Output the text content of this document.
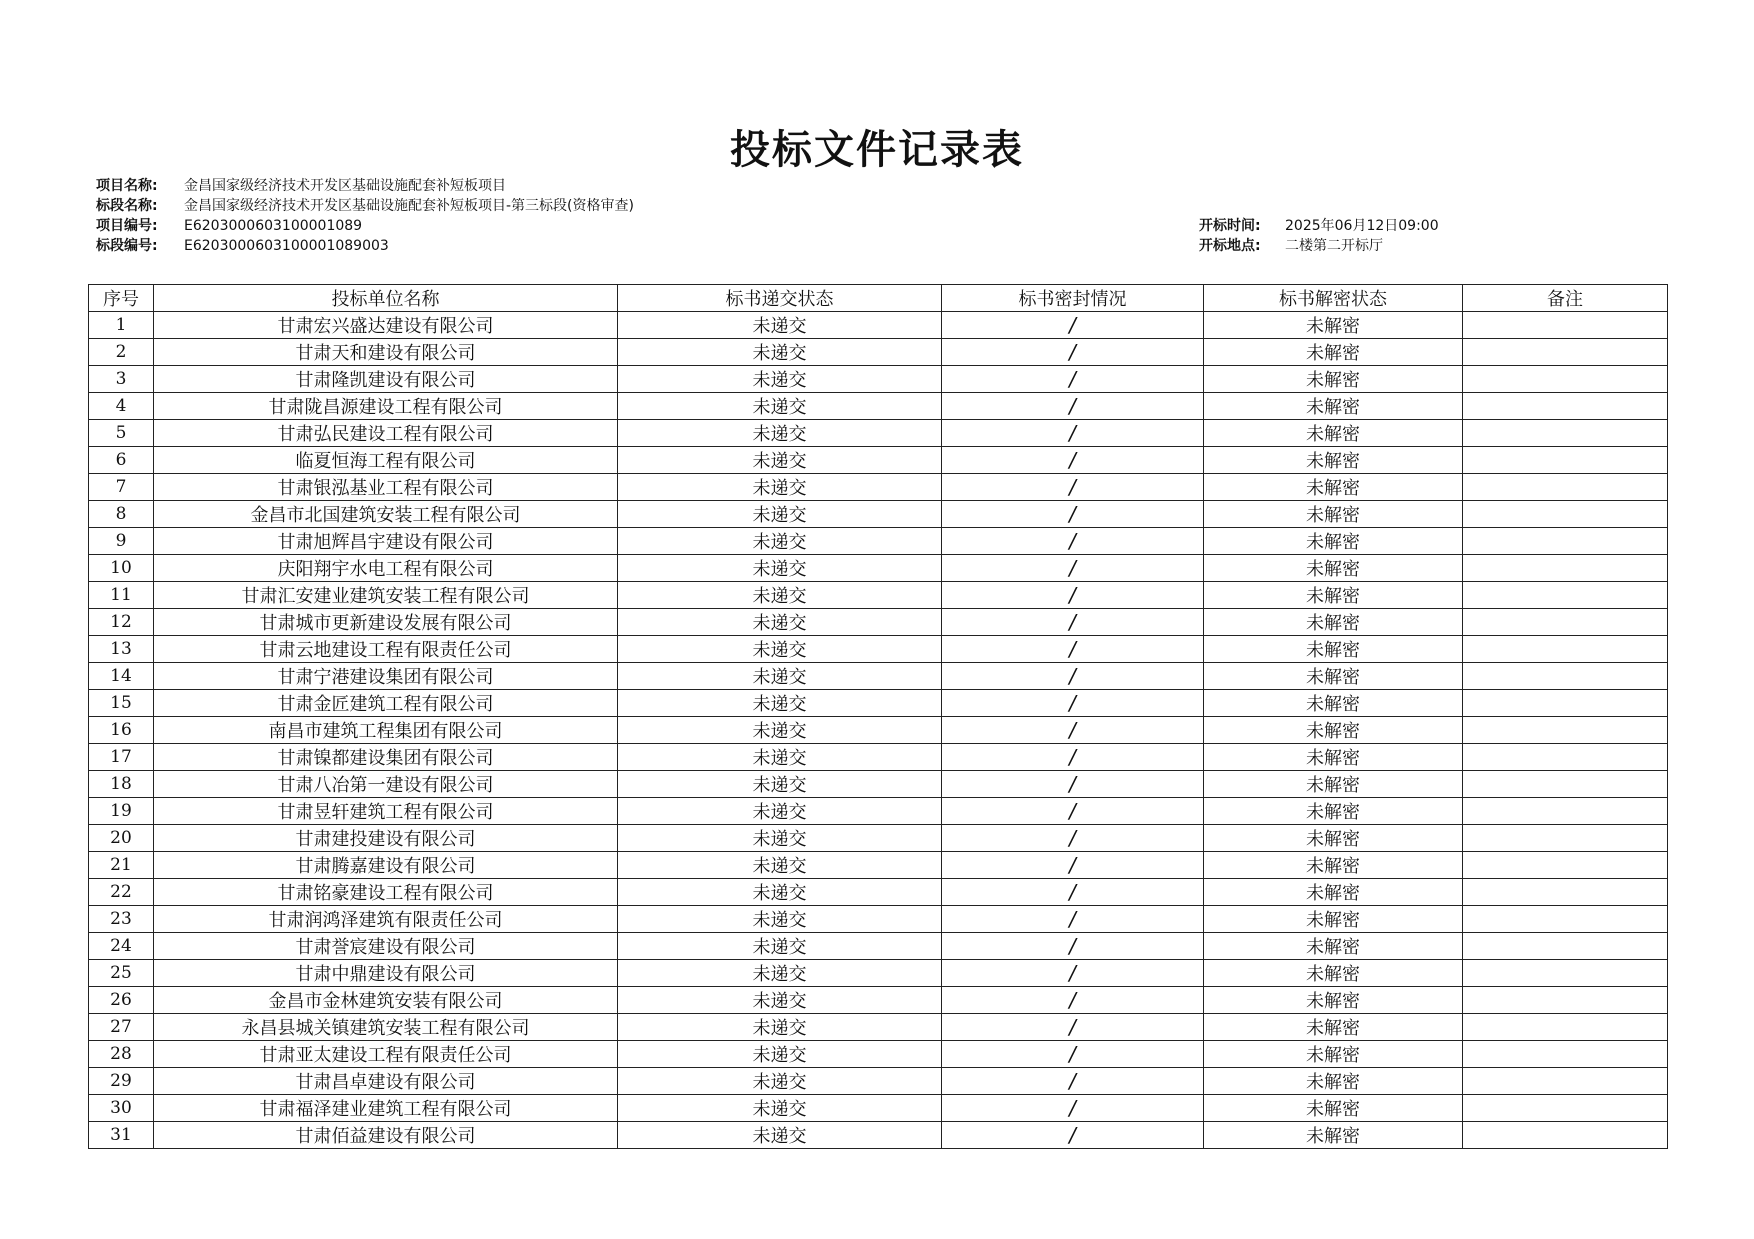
投标文件记录表
项目名称: 金昌国家级经济技术开发区基础设施配套补短板项目
标段名称: 金昌国家级经济技术开发区基础设施配套补短板项目-第三标段(资格审查)
项目编号: E6203000603100001089
标段编号: E6203000603100001089003
开标时间: 2025年06月12日09:00
开标地点: 二楼第二开标厅
序号	投标单位名称	标书递交状态	标书密封情况	标书解密状态	备注
1	甘肃宏兴盛达建设有限公司	未递交	/	未解密	
2	甘肃天和建设有限公司	未递交	/	未解密	
3	甘肃隆凯建设有限公司	未递交	/	未解密	
4	甘肃陇昌源建设工程有限公司	未递交	/	未解密	
5	甘肃弘民建设工程有限公司	未递交	/	未解密	
6	临夏恒海工程有限公司	未递交	/	未解密	
7	甘肃银泓基业工程有限公司	未递交	/	未解密	
8	金昌市北国建筑安装工程有限公司	未递交	/	未解密	
9	甘肃旭辉昌宇建设有限公司	未递交	/	未解密	
10	庆阳翔宇水电工程有限公司	未递交	/	未解密	
11	甘肃汇安建业建筑安装工程有限公司	未递交	/	未解密	
12	甘肃城市更新建设发展有限公司	未递交	/	未解密	
13	甘肃云地建设工程有限责任公司	未递交	/	未解密	
14	甘肃宁港建设集团有限公司	未递交	/	未解密	
15	甘肃金匠建筑工程有限公司	未递交	/	未解密	
16	南昌市建筑工程集团有限公司	未递交	/	未解密	
17	甘肃镍都建设集团有限公司	未递交	/	未解密	
18	甘肃八冶第一建设有限公司	未递交	/	未解密	
19	甘肃昱轩建筑工程有限公司	未递交	/	未解密	
20	甘肃建投建设有限公司	未递交	/	未解密	
21	甘肃腾嘉建设有限公司	未递交	/	未解密	
22	甘肃铭豪建设工程有限公司	未递交	/	未解密	
23	甘肃润鸿泽建筑有限责任公司	未递交	/	未解密	
24	甘肃誉宸建设有限公司	未递交	/	未解密	
25	甘肃中鼎建设有限公司	未递交	/	未解密	
26	金昌市金林建筑安装有限公司	未递交	/	未解密	
27	永昌县城关镇建筑安装工程有限公司	未递交	/	未解密	
28	甘肃亚太建设工程有限责任公司	未递交	/	未解密	
29	甘肃昌卓建设有限公司	未递交	/	未解密	
30	甘肃福泽建业建筑工程有限公司	未递交	/	未解密	
31	甘肃佰益建设有限公司	未递交	/	未解密	
